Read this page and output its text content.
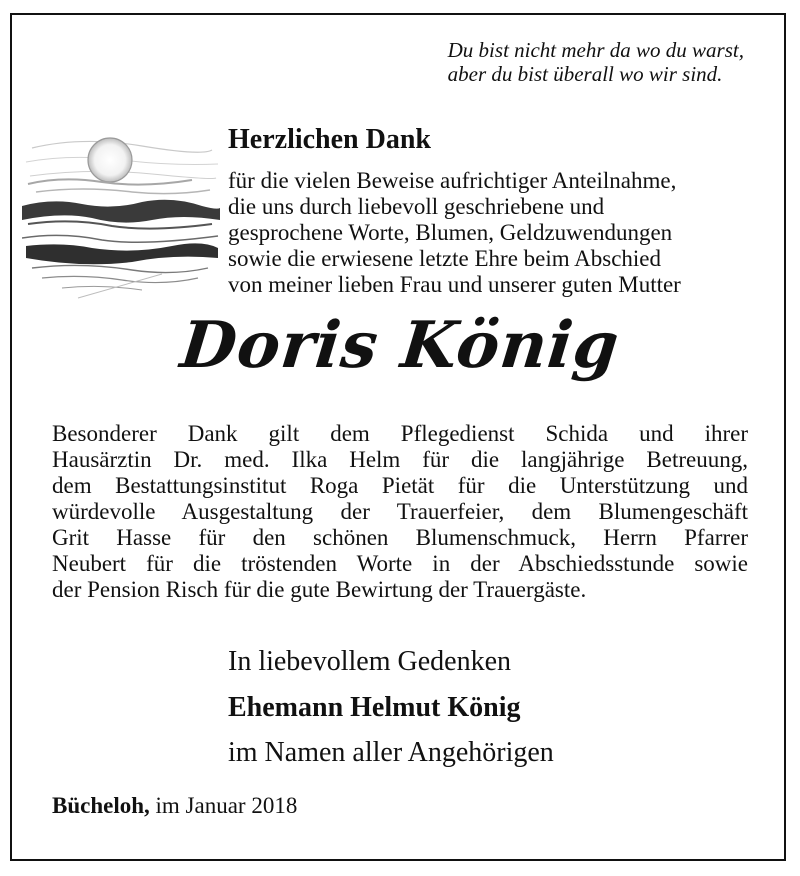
Du bist nicht mehr da wo du warst,
aber du bist überall wo wir sind.
Herzlichen Dank
für die vielen Beweise aufrichtiger Anteilnahme,
die uns durch liebevoll geschriebene und
gesprochene Worte, Blumen, Geldzuwendungen
sowie die erwiesene letzte Ehre beim Abschied
von meiner lieben Frau und unserer guten Mutter
Doris König
Besonderer Dank gilt dem Pflegedienst Schida und ihrer
Hausärztin Dr. med. Ilka Helm für die langjährige Betreuung,
dem Bestattungsinstitut Roga Pietät für die Unterstützung und
würdevolle Ausgestaltung der Trauerfeier, dem Blumengeschäft
Grit Hasse für den schönen Blumenschmuck, Herrn Pfarrer
Neubert für die tröstenden Worte in der Abschiedsstunde sowie
der Pension Risch für die gute Bewirtung der Trauergäste.
In liebevollem Gedenken
Ehemann Helmut König
im Namen aller Angehörigen
Bücheloh, im Januar 2018
